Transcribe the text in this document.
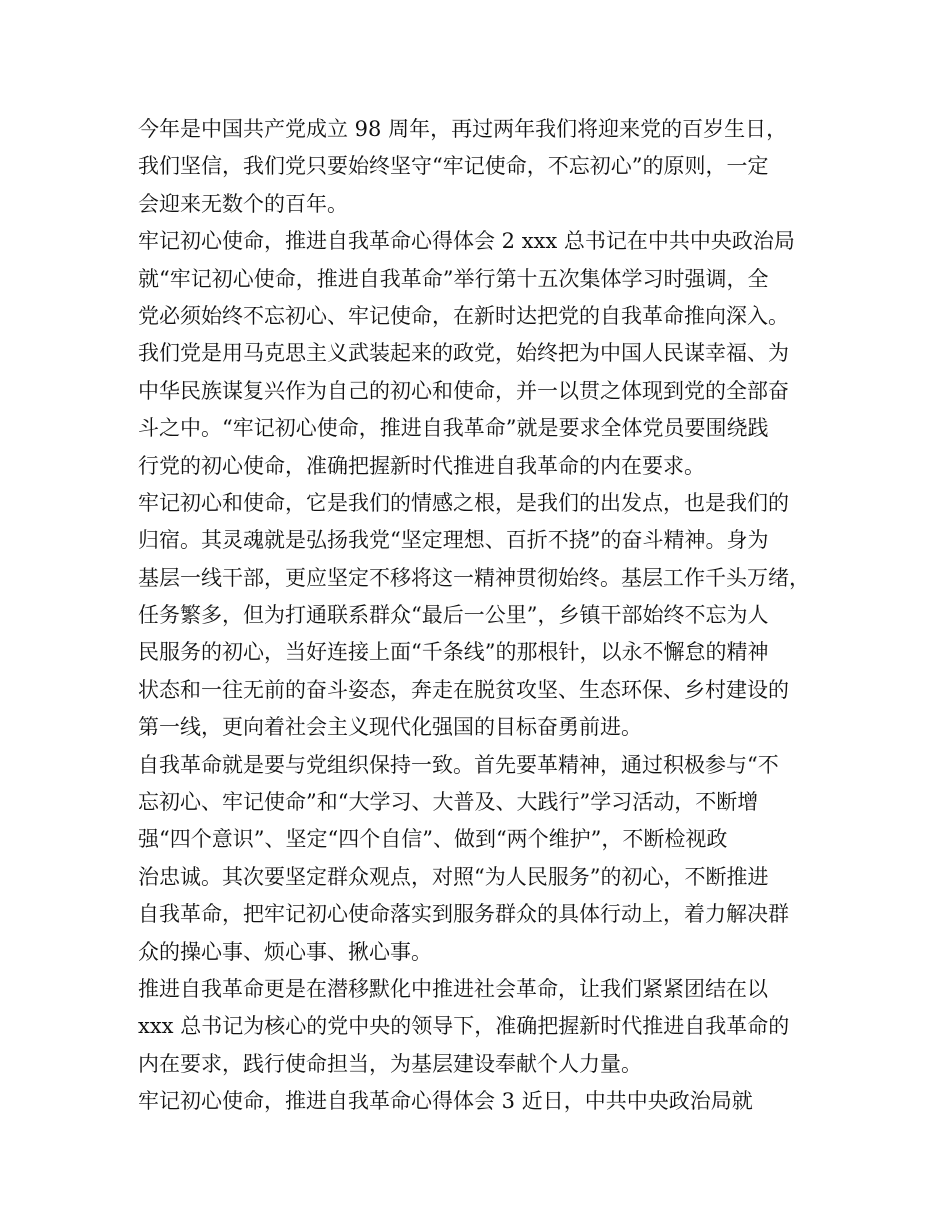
今年是中国共产党成立 98 周年，再过两年我们将迎来党的百岁生日，
我们坚信，我们党只要始终坚守“牢记使命，不忘初心”的原则，一定
会迎来无数个的百年。
牢记初心使命，推进自我革命心得体会 2 xxx 总书记在中共中央政治局
就“牢记初心使命，推进自我革命”举行第十五次集体学习时强调，全
党必须始终不忘初心、牢记使命，在新时达把党的自我革命推向深入。
我们党是用马克思主义武装起来的政党，始终把为中国人民谋幸福、为
中华民族谋复兴作为自己的初心和使命，并一以贯之体现到党的全部奋
斗之中。“牢记初心使命，推进自我革命”就是要求全体党员要围绕践
行党的初心使命，准确把握新时代推进自我革命的内在要求。
牢记初心和使命，它是我们的情感之根，是我们的出发点，也是我们的
归宿。其灵魂就是弘扬我党“坚定理想、百折不挠”的奋斗精神。身为
基层一线干部，更应坚定不移将这一精神贯彻始终。基层工作千头万绪，
任务繁多，但为打通联系群众“最后一公里”，乡镇干部始终不忘为人
民服务的初心，当好连接上面“千条线”的那根针，以永不懈怠的精神
状态和一往无前的奋斗姿态，奔走在脱贫攻坚、生态环保、乡村建设的
第一线，更向着社会主义现代化强国的目标奋勇前进。
自我革命就是要与党组织保持一致。首先要革精神，通过积极参与“不
忘初心、牢记使命”和“大学习、大普及、大践行”学习活动，不断增
强“四个意识”、坚定“四个自信”、做到“两个维护”，不断检视政
治忠诚。其次要坚定群众观点，对照“为人民服务”的初心，不断推进
自我革命，把牢记初心使命落实到服务群众的具体行动上，着力解决群
众的操心事、烦心事、揪心事。
推进自我革命更是在潜移默化中推进社会革命，让我们紧紧团结在以
xxx 总书记为核心的党中央的领导下，准确把握新时代推进自我革命的
内在要求，践行使命担当，为基层建设奉献个人力量。
牢记初心使命，推进自我革命心得体会 3 近日，中共中央政治局就
